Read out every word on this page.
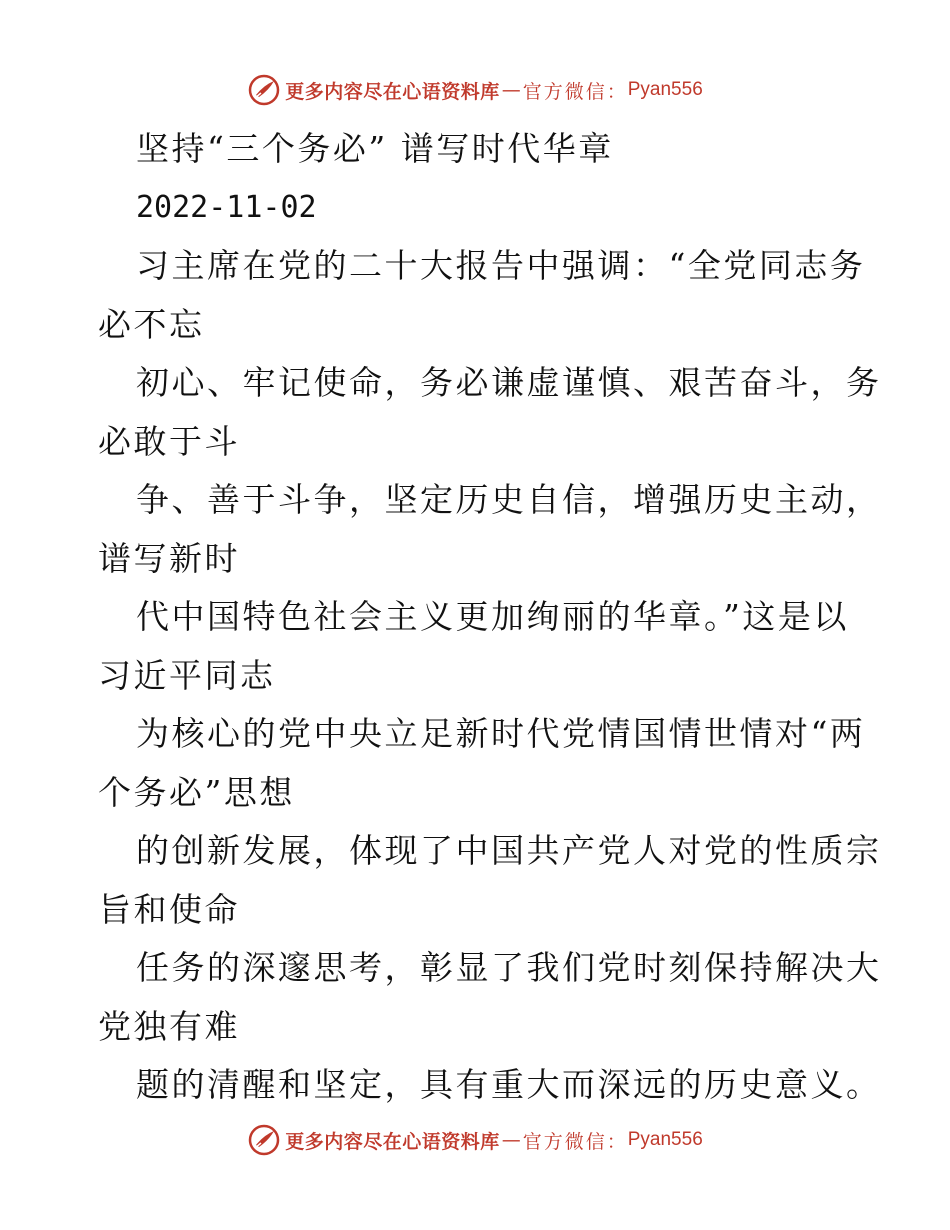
更多内容尽在心语资料库 — 官方微信： Pyan556
坚持“三个务必” 谱写时代华章
2022-11-02
习主席在党的二十大报告中强调：“全党同志务
必不忘
初心、牢记使命，务必谦虚谨慎、艰苦奋斗，务
必敢于斗
争、善于斗争，坚定历史自信，增强历史主动，
谱写新时
代中国特色社会主义更加绚丽的华章。”这是以
习近平同志
为核心的党中央立足新时代党情国情世情对“两
个务必”思想
的创新发展，体现了中国共产党人对党的性质宗
旨和使命
任务的深邃思考，彰显了我们党时刻保持解决大
党独有难
题的清醒和坚定，具有重大而深远的历史意义。
更多内容尽在心语资料库 — 官方微信： Pyan556
